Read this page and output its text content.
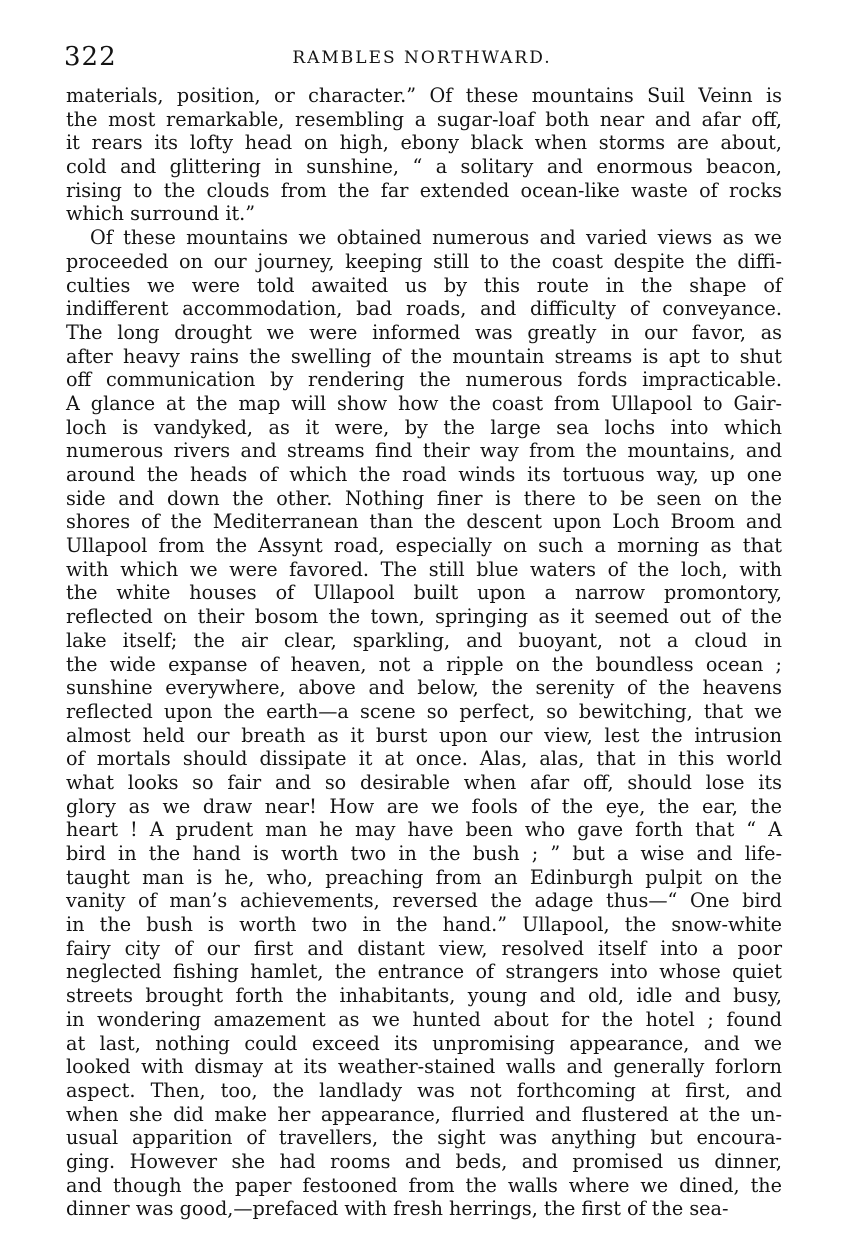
322	RAMBLES NORTHWARD.
materials, position, or character.” Of these mountains Suil Veinn is
the most remarkable, resembling a sugar-loaf both near and afar off,
it rears its lofty head on high, ebony black when storms are about,
cold and glittering in sunshine, “ a solitary and enormous beacon,
rising to the clouds from the far extended ocean-like waste of rocks
which surround it.”
Of these mountains we obtained numerous and varied views as we
proceeded on our journey, keeping still to the coast despite the diffi-
culties we were told awaited us by this route in the shape of
indifferent accommodation, bad roads, and difficulty of conveyance.
The long drought we were informed was greatly in our favor, as
after heavy rains the swelling of the mountain streams is apt to shut
off communication by rendering the numerous fords impracticable.
A glance at the map will show how the coast from Ullapool to Gair-
loch is vandyked, as it were, by the large sea lochs into which
numerous rivers and streams find their way from the mountains, and
around the heads of which the road winds its tortuous way, up one
side and down the other. Nothing finer is there to be seen on the
shores of the Mediterranean than the descent upon Loch Broom and
Ullapool from the Assynt road, especially on such a morning as that
with which we were favored. The still blue waters of the loch, with
the white houses of Ullapool built upon a narrow promontory,
reflected on their bosom the town, springing as it seemed out of the
lake itself; the air clear, sparkling, and buoyant, not a cloud in
the wide expanse of heaven, not a ripple on the boundless ocean ;
sunshine everywhere, above and below, the serenity of the heavens
reflected upon the earth—a scene so perfect, so bewitching, that we
almost held our breath as it burst upon our view, lest the intrusion
of mortals should dissipate it at once. Alas, alas, that in this world
what looks so fair and so desirable when afar off, should lose its
glory as we draw near! How are we fools of the eye, the ear, the
heart ! A prudent man he may have been who gave forth that “ A
bird in the hand is worth two in the bush ; ” but a wise and life-
taught man is he, who, preaching from an Edinburgh pulpit on the
vanity of man’s achievements, reversed the adage thus—“ One bird
in the bush is worth two in the hand.” Ullapool, the snow-white
fairy city of our first and distant view, resolved itself into a poor
neglected fishing hamlet, the entrance of strangers into whose quiet
streets brought forth the inhabitants, young and old, idle and busy,
in wondering amazement as we hunted about for the hotel ; found
at last, nothing could exceed its unpromising appearance, and we
looked with dismay at its weather-stained walls and generally forlorn
aspect. Then, too, the landlady was not forthcoming at first, and
when she did make her appearance, flurried and flustered at the un-
usual apparition of travellers, the sight was anything but encoura-
ging. However she had rooms and beds, and promised us dinner,
and though the paper festooned from the walls where we dined, the
dinner was good,—prefaced with fresh herrings, the first of the sea-
